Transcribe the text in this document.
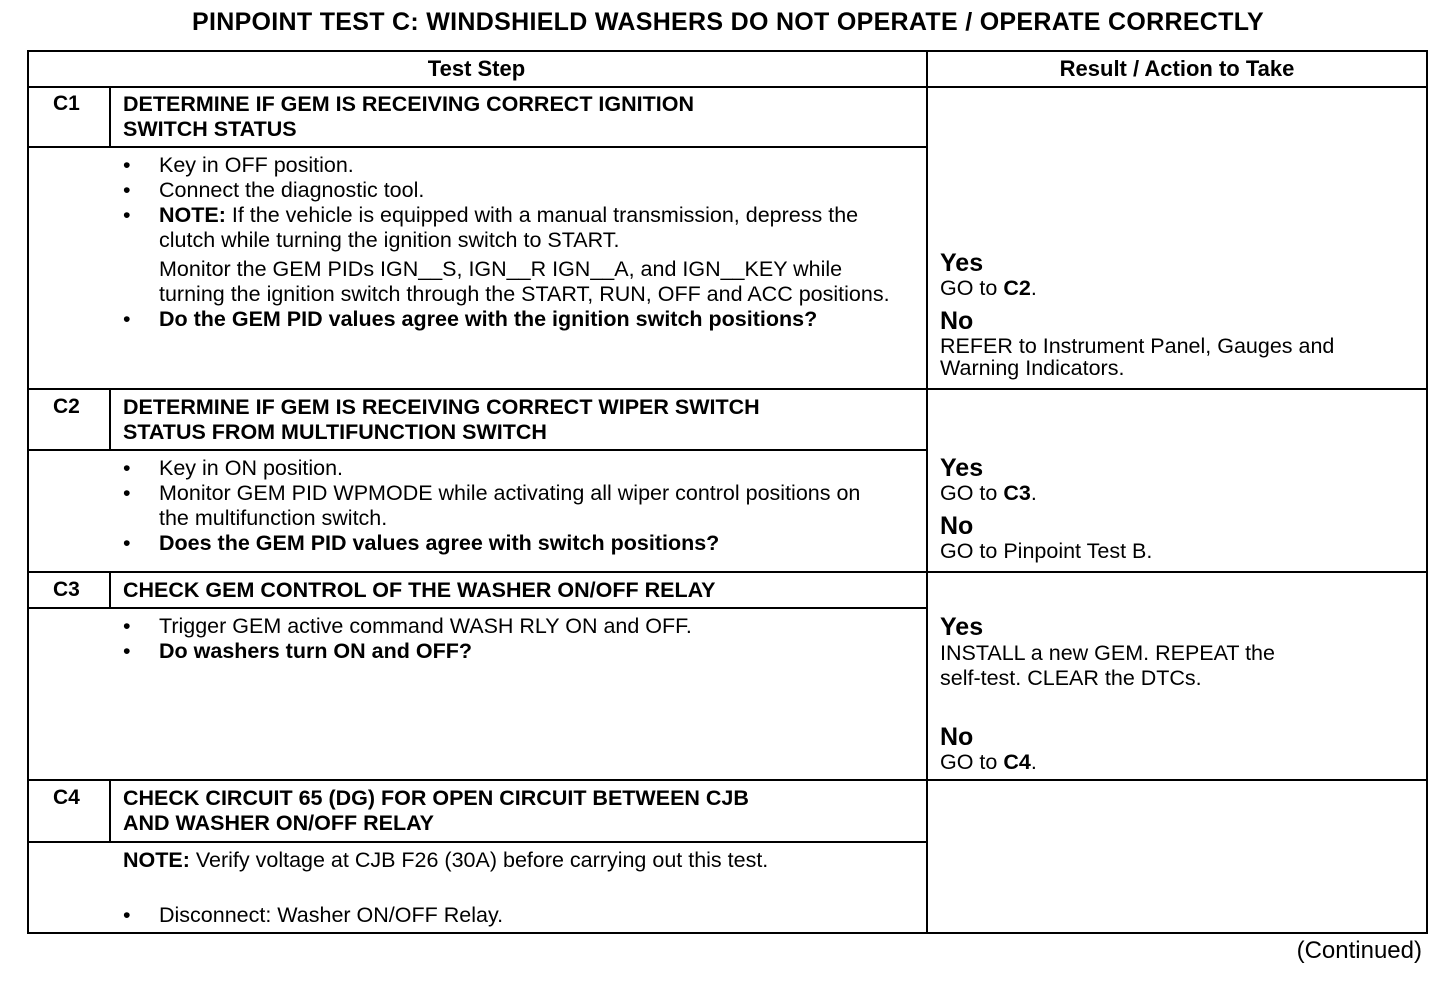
PINPOINT TEST C: WINDSHIELD WASHERS DO NOT OPERATE / OPERATE CORRECTLY
Test Step	Result / Action to Take
C1 DETERMINE IF GEM IS RECEIVING CORRECT IGNITION
SWITCH STATUS
• Key in OFF position.
• Connect the diagnostic tool.
• NOTE: If the vehicle is equipped with a manual transmission, depress the clutch while turning the ignition switch to START.
Monitor the GEM PIDs IGN__S, IGN__R IGN__A, and IGN__KEY while turning the ignition switch through the START, RUN, OFF and ACC positions.
• Do the GEM PID values agree with the ignition switch positions?
Yes
GO to C2.
No
REFER to Instrument Panel, Gauges and
Warning Indicators.
C2 DETERMINE IF GEM IS RECEIVING CORRECT WIPER SWITCH
STATUS FROM MULTIFUNCTION SWITCH
• Key in ON position.
• Monitor GEM PID WPMODE while activating all wiper control positions on the multifunction switch.
• Does the GEM PID values agree with switch positions?
Yes
GO to C3.
No
GO to Pinpoint Test B.
C3 CHECK GEM CONTROL OF THE WASHER ON/OFF RELAY
• Trigger GEM active command WASH RLY ON and OFF.
• Do washers turn ON and OFF?
Yes
INSTALL a new GEM. REPEAT the
self-test. CLEAR the DTCs.
No
GO to C4.
C4 CHECK CIRCUIT 65 (DG) FOR OPEN CIRCUIT BETWEEN CJB
AND WASHER ON/OFF RELAY
NOTE: Verify voltage at CJB F26 (30A) before carrying out this test.
• Disconnect: Washer ON/OFF Relay.
(Continued)
